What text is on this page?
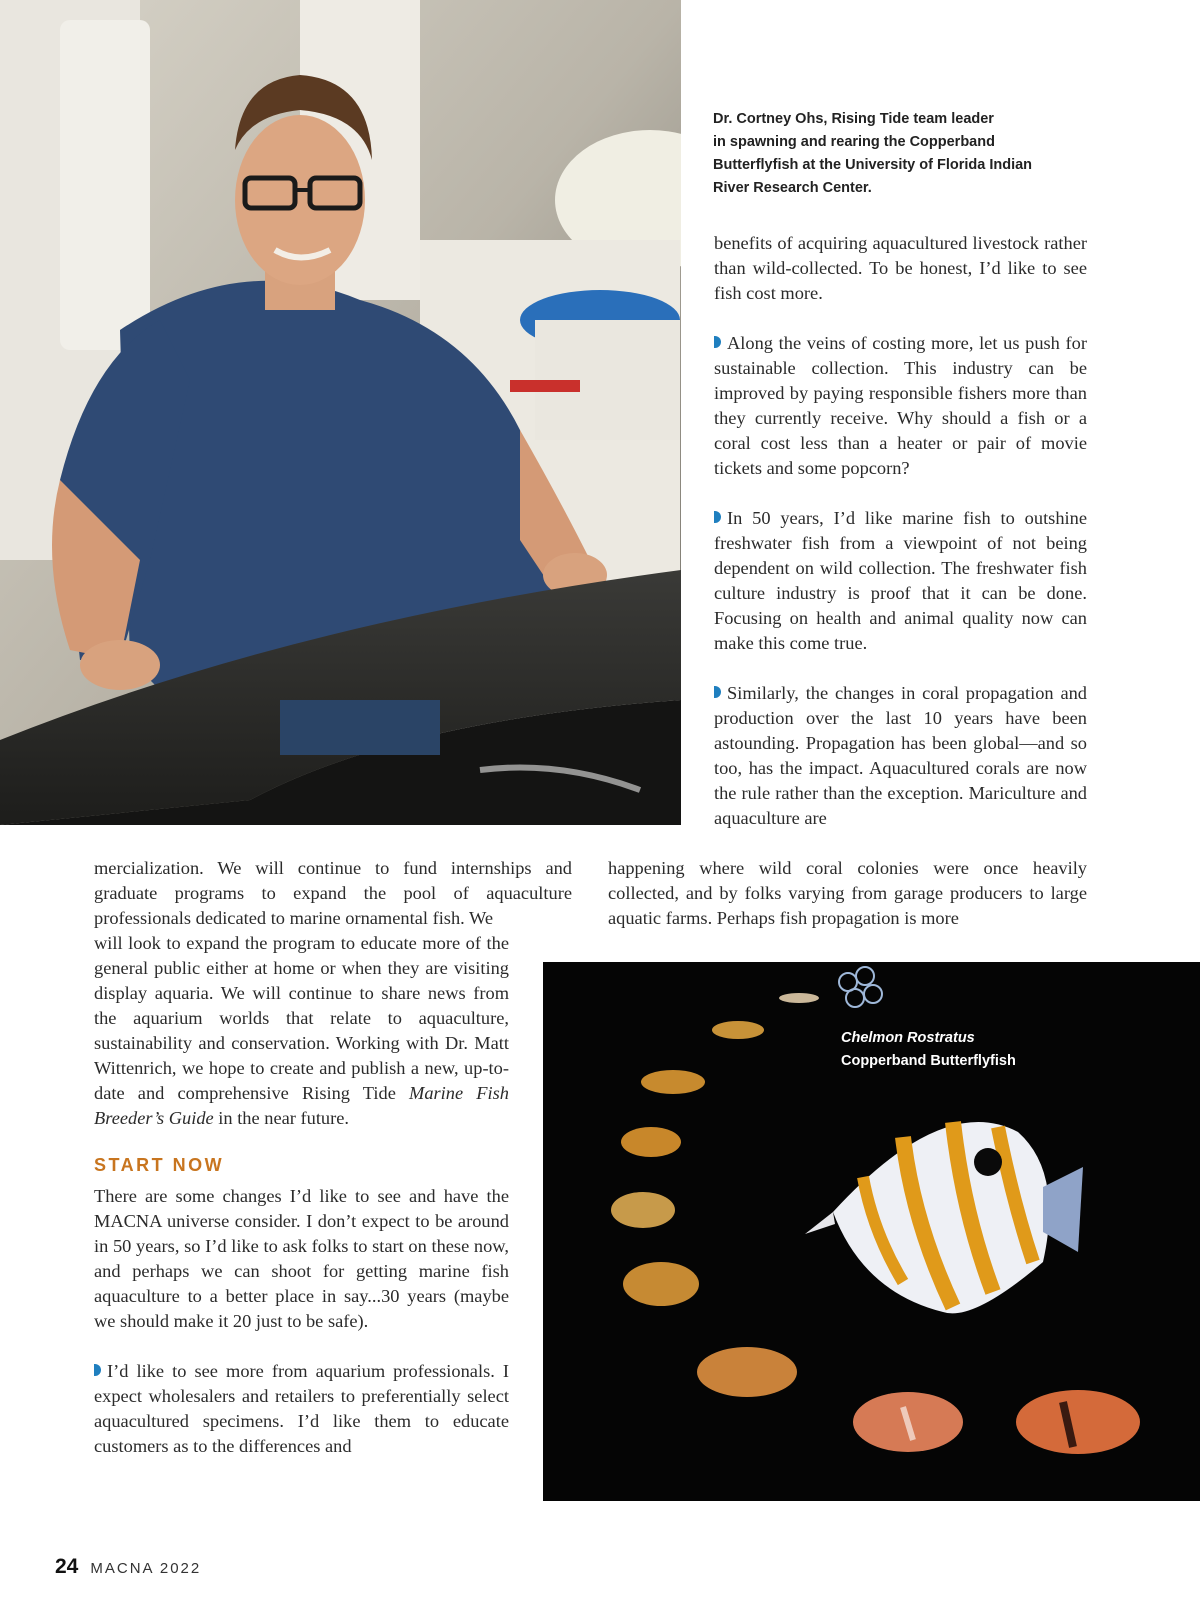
Dr. Cortney Ohs, Rising Tide team leader
in spawning and rearing the Copperband
Butterflyfish at the University of Florida Indian
River Research Center.

benefits of acquiring aquacultured livestock rather than wild-collected. To be honest, I’d like to see fish cost more.

Along the veins of costing more, let us push for sustainable collection. This industry can be improved by paying responsible fishers more than they currently receive. Why should a fish or a coral cost less than a heater or pair of movie tickets and some popcorn?

In 50 years, I’d like marine fish to outshine freshwater fish from a viewpoint of not being dependent on wild collection. The freshwater fish culture industry is proof that it can be done. Focusing on health and animal quality now can make this come true.

Similarly, the changes in coral propagation and production over the last 10 years have been astounding. Propagation has been global—and so too, has the impact. Aquacultured corals are now the rule rather than the exception. Mariculture and aquaculture are

happening where wild coral colonies were once heavily collected, and by folks varying from garage producers to large aquatic farms. Perhaps fish propagation is more

mercialization. We will continue to fund internships and graduate programs to expand the pool of aquaculture professionals dedicated to marine ornamental fish. We

will look to expand the program to educate more of the general public either at home or when they are visiting display aquaria. We will continue to share news from the aquarium worlds that relate to aquaculture, sustainability and conservation. Working with Dr. Matt Wittenrich, we hope to create and publish a new, up-to-date and comprehensive Rising Tide Marine Fish Breeder’s Guide in the near future.

START NOW

There are some changes I’d like to see and have the MACNA universe consider. I don’t expect to be around in 50 years, so I’d like to ask folks to start on these now, and perhaps we can shoot for getting marine fish aquaculture to a better place in say...30 years (maybe we should make it 20 just to be safe).

I’d like to see more from aquarium professionals. I expect wholesalers and retailers to preferentially select aquacultured specimens. I’d like them to educate customers as to the differences and

Chelmon Rostratus
Copperband Butterflyfish
24 MACNA 2022
